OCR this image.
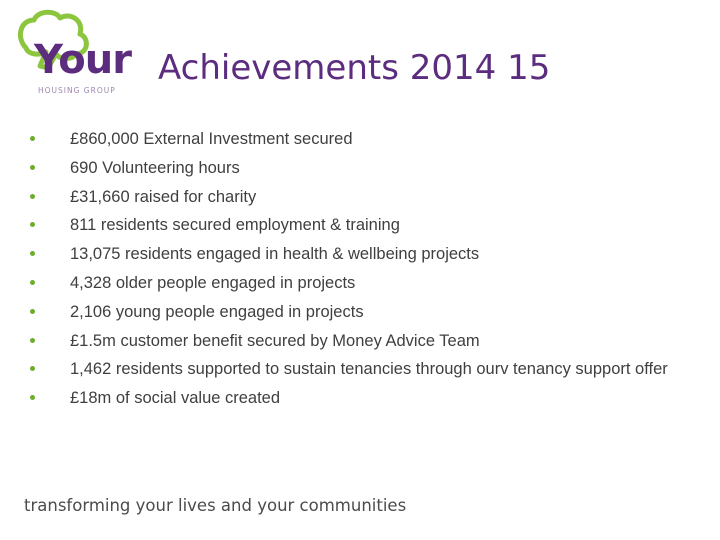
Your
HOUSING GROUP
Achievements 2014 15
£860,000 External Investment secured
690 Volunteering hours
£31,660 raised for charity
811 residents secured employment & training
13,075 residents engaged in health & wellbeing projects
4,328 older people engaged in projects
2,106 young people engaged in projects
£1.5m customer benefit secured by Money Advice Team
1,462 residents supported to sustain tenancies through ourv tenancy support offer
£18m of social value created
transforming your lives and your communities
